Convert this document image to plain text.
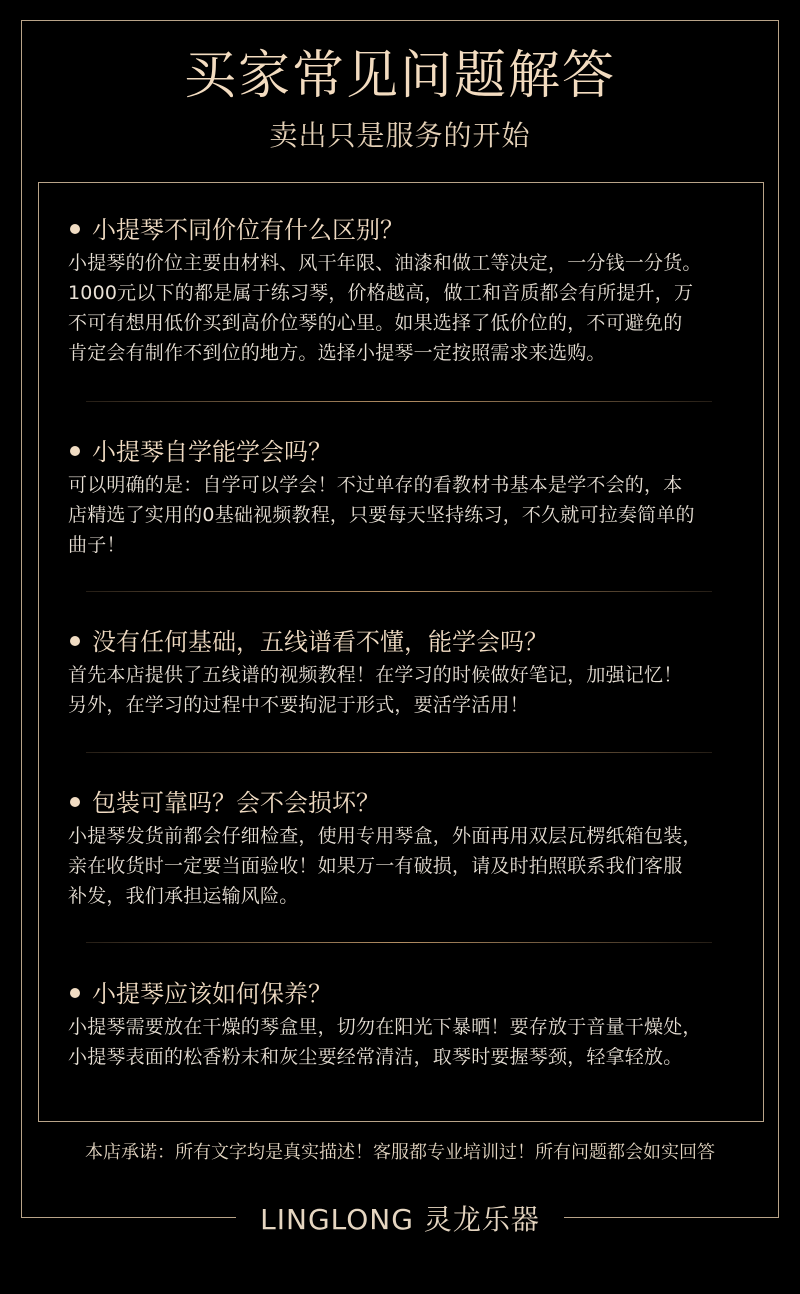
买家常见问题解答
卖出只是服务的开始
小提琴不同价位有什么区别？
小提琴的价位主要由材料、风干年限、油漆和做工等决定，一分钱一分货。
1000元以下的都是属于练习琴，价格越高，做工和音质都会有所提升，万
不可有想用低价买到高价位琴的心里。如果选择了低价位的，不可避免的
肯定会有制作不到位的地方。选择小提琴一定按照需求来选购。
小提琴自学能学会吗？
可以明确的是：自学可以学会！不过单存的看教材书基本是学不会的，本
店精选了实用的0基础视频教程，只要每天坚持练习，不久就可拉奏简单的
曲子！
没有任何基础，五线谱看不懂，能学会吗？
首先本店提供了五线谱的视频教程！在学习的时候做好笔记，加强记忆！
另外，在学习的过程中不要拘泥于形式，要活学活用！
包装可靠吗？会不会损坏？
小提琴发货前都会仔细检查，使用专用琴盒，外面再用双层瓦楞纸箱包装，
亲在收货时一定要当面验收！如果万一有破损，请及时拍照联系我们客服
补发，我们承担运输风险。
小提琴应该如何保养？
小提琴需要放在干燥的琴盒里，切勿在阳光下暴晒！要存放于音量干燥处，
小提琴表面的松香粉末和灰尘要经常清洁，取琴时要握琴颈，轻拿轻放。
本店承诺：所有文字均是真实描述！客服都专业培训过！所有问题都会如实回答
LINGLONG 灵龙乐器
